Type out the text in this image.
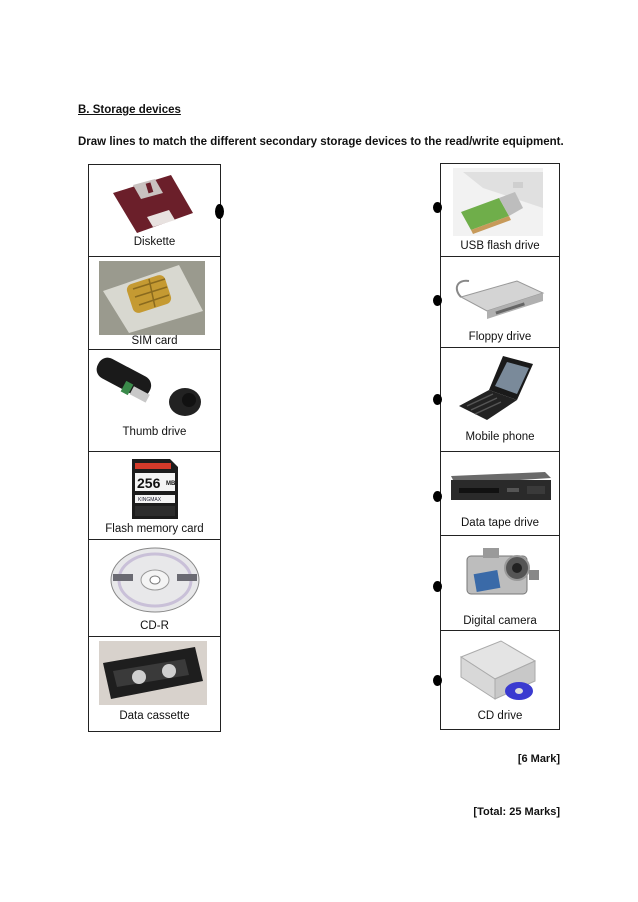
B. Storage devices
Draw lines to match the different secondary storage devices to the read/write equipment.
Diskette
SIM card
Thumb drive
256 MB
KINGMAX
Flash memory card
CD-R
Data cassette
USB flash drive
Floppy drive
Mobile phone
Data tape drive
Digital camera
CD drive
[6 Mark]
[Total: 25 Marks]
